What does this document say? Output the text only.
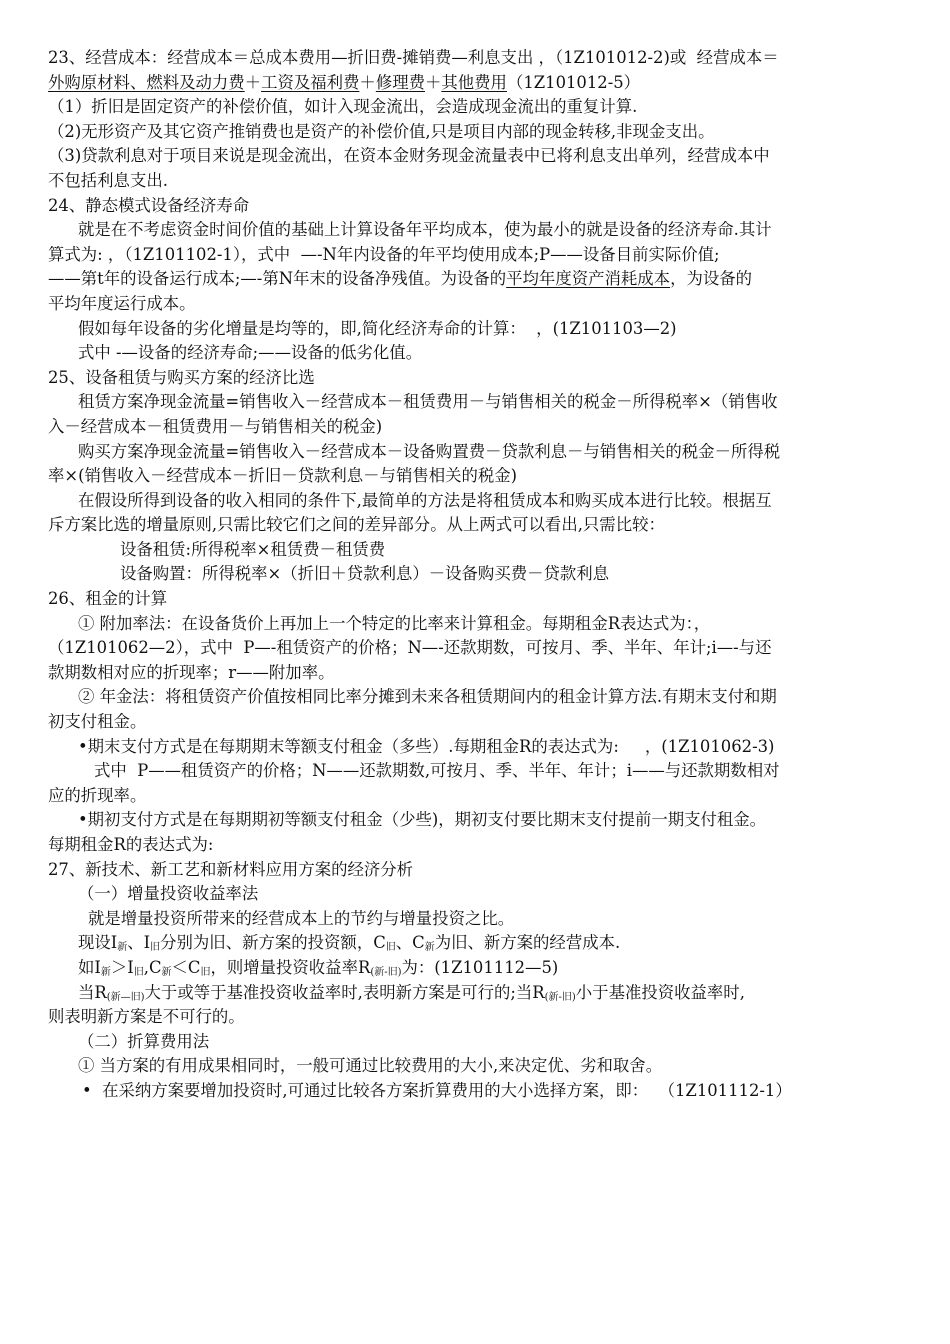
23、经营成本：经营成本＝总成本费用—折旧费-摊销费—利息支出 ，（1Z101012-2)或  经营成本＝
外购原材料、燃料及动力费＋工资及福利费＋修理费＋其他费用（1Z101012-5）
（1）折旧是固定资产的补偿价值，如计入现金流出，会造成现金流出的重复计算.
（2)无形资产及其它资产推销费也是资产的补偿价值,只是项目内部的现金转移,非现金支出。
（3)贷款利息对于项目来说是现金流出，在资本金财务现金流量表中已将利息支出单列，经营成本中
不包括利息支出.
24、静态模式设备经济寿命
就是在不考虑资金时间价值的基础上计算设备年平均成本，使为最小的就是设备的经济寿命.其计
算式为: ，（1Z101102-1），式中  —-N年内设备的年平均使用成本;P——设备目前实际价值;
——第t年的设备运行成本;—-第N年末的设备净残值。为设备的平均年度资产消耗成本，为设备的
平均年度运行成本。
假如每年设备的劣化增量是均等的，即,简化经济寿命的计算：  ，(1Z101103—2)
式中 -—设备的经济寿命;——设备的低劣化值。
25、设备租赁与购买方案的经济比选
租赁方案净现金流量=销售收入－经营成本－租赁费用－与销售相关的税金－所得税率×（销售收
入－经营成本－租赁费用－与销售相关的税金)
购买方案净现金流量=销售收入－经营成本－设备购置费－贷款利息－与销售相关的税金－所得税
率×(销售收入－经营成本－折旧－贷款利息－与销售相关的税金)
在假设所得到设备的收入相同的条件下,最简单的方法是将租赁成本和购买成本进行比较。根据互
斥方案比选的增量原则,只需比较它们之间的差异部分。从上两式可以看出,只需比较：
设备租赁:所得税率×租赁费－租赁费
设备购置：所得税率×（折旧＋贷款利息）－设备购买费－贷款利息
26、租金的计算
① 附加率法：在设备货价上再加上一个特定的比率来计算租金。每期租金R表达式为：，
（1Z101062—2），式中  P—-租赁资产的价格；N—-还款期数，可按月、季、半年、年计;i—-与还
款期数相对应的折现率；r——附加率。
② 年金法：将租赁资产价值按相同比率分摊到未来各租赁期间内的租金计算方法.有期末支付和期
初支付租金。
•期末支付方式是在每期期末等额支付租金（多些）.每期租金R的表达式为:     ，(1Z101062-3)
式中  P——租赁资产的价格；N——还款期数,可按月、季、半年、年计；i——与还款期数相对
应的折现率。
•期初支付方式是在每期期初等额支付租金（少些)，期初支付要比期末支付提前一期支付租金。
每期租金R的表达式为:
27、新技术、新工艺和新材料应用方案的经济分析
（一）增量投资收益率法
就是增量投资所带来的经营成本上的节约与增量投资之比。
现设$I_新$、$I_旧$分别为旧、新方案的投资额，$C_旧$、$C_新$为旧、新方案的经营成本.
如$I_新>I_旧,C_新<C_旧$，则增量投资收益率$R_{(新-旧)}$为：(1Z101112—5)
当$R_{(新—旧)}$大于或等于基准投资收益率时,表明新方案是可行的;当$R_{(新-旧)}$小于基准投资收益率时,
则表明新方案是不可行的。
（二）折算费用法
① 当方案的有用成果相同时，一般可通过比较费用的大小,来决定优、劣和取舍。
•  在采纳方案要增加投资时,可通过比较各方案折算费用的大小选择方案，即：  （1Z101112-1）
